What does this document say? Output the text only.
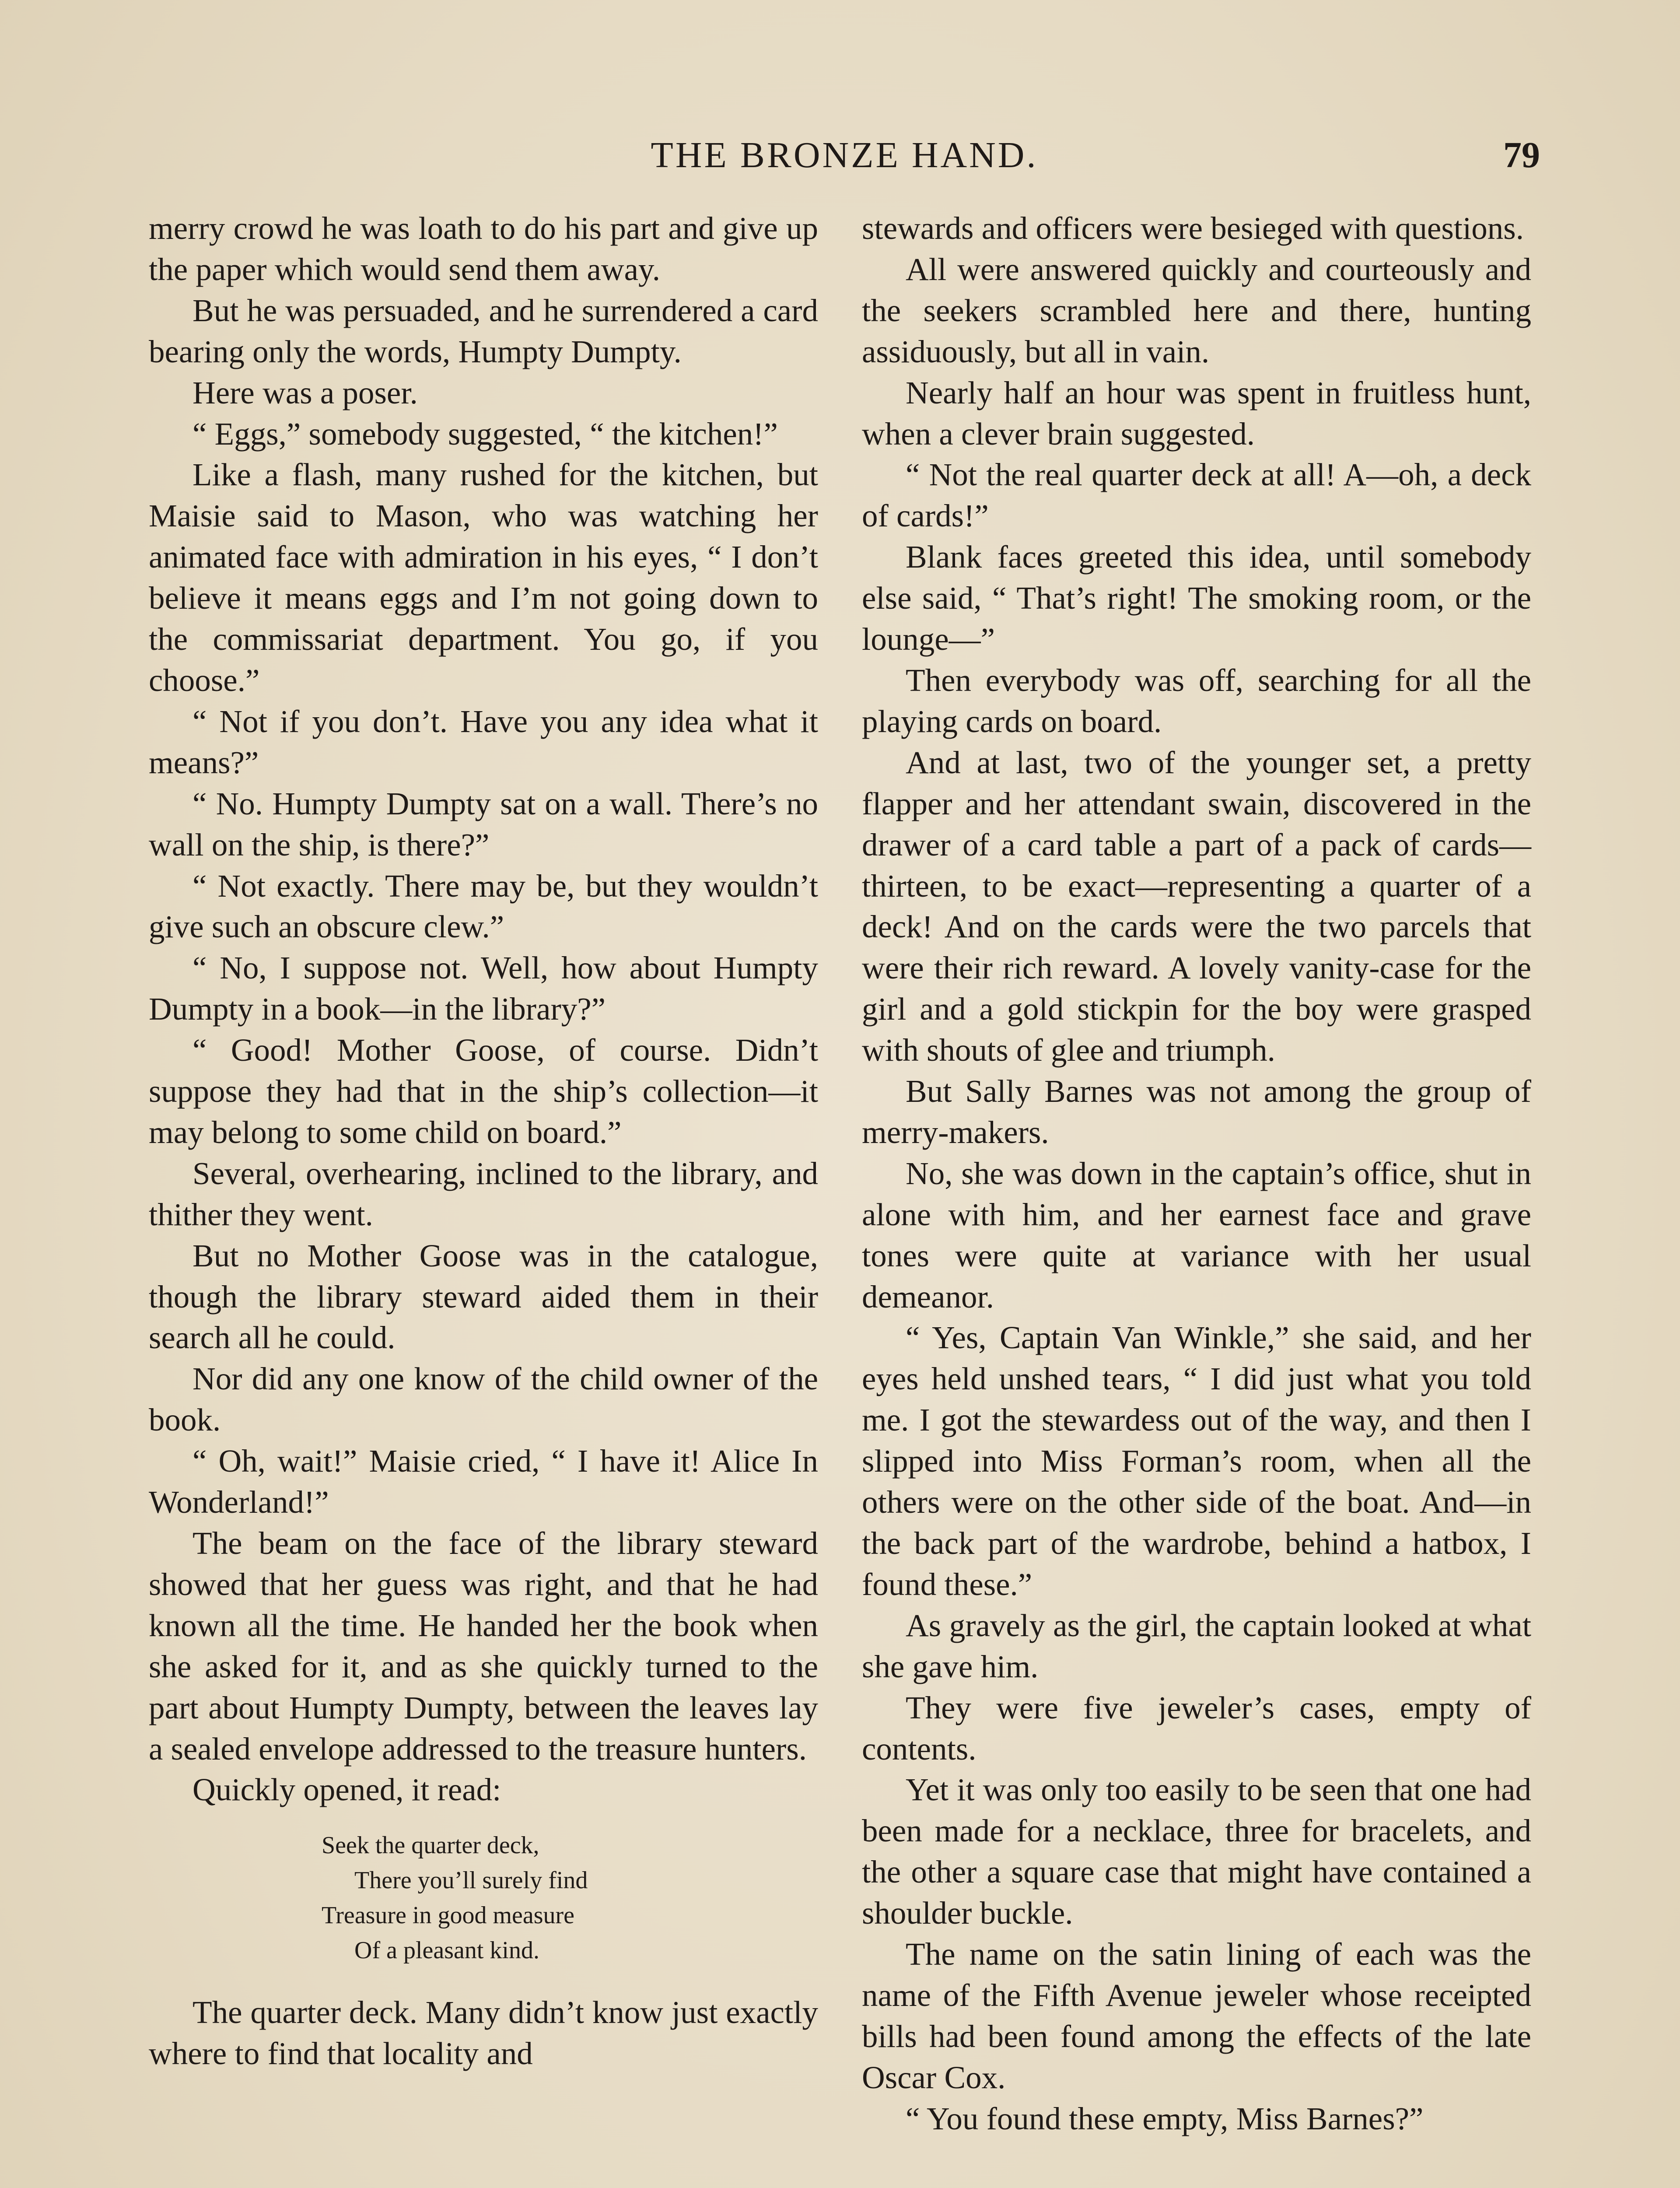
THE BRONZE HAND.	79

merry crowd he was loath to do his part and give up the paper which would send them away.

But he was persuaded, and he surrendered a card bearing only the words, Humpty Dumpty.

Here was a poser.

“ Eggs,” somebody suggested, “ the kitchen!”

Like a flash, many rushed for the kitchen, but Maisie said to Mason, who was watching her animated face with admiration in his eyes, “ I don’t believe it means eggs and I’m not going down to the commissariat department. You go, if you choose.”

“ Not if you don’t. Have you any idea what it means?”

“ No. Humpty Dumpty sat on a wall. There’s no wall on the ship, is there?”

“ Not exactly. There may be, but they wouldn’t give such an obscure clew.”

“ No, I suppose not. Well, how about Humpty Dumpty in a book—in the library?”

“ Good! Mother Goose, of course. Didn’t suppose they had that in the ship’s collection—it may belong to some child on board.”

Several, overhearing, inclined to the library, and thither they went.

But no Mother Goose was in the catalogue, though the library steward aided them in their search all he could.

Nor did any one know of the child owner of the book.

“ Oh, wait!” Maisie cried, “ I have it! Alice In Wonderland!”

The beam on the face of the library steward showed that her guess was right, and that he had known all the time. He handed her the book when she asked for it, and as she quickly turned to the part about Humpty Dumpty, between the leaves lay a sealed envelope addressed to the treasure hunters.

Quickly opened, it read:

Seek the quarter deck,
There you’ll surely find
Treasure in good measure
Of a pleasant kind.

The quarter deck. Many didn’t know just exactly where to find that locality and

stewards and officers were besieged with questions.

All were answered quickly and courteously and the seekers scrambled here and there, hunting assiduously, but all in vain.

Nearly half an hour was spent in fruitless hunt, when a clever brain suggested.

“ Not the real quarter deck at all! A—oh, a deck of cards!”

Blank faces greeted this idea, until somebody else said, “ That’s right! The smoking room, or the lounge—”

Then everybody was off, searching for all the playing cards on board.

And at last, two of the younger set, a pretty flapper and her attendant swain, discovered in the drawer of a card table a part of a pack of cards—thirteen, to be exact—representing a quarter of a deck! And on the cards were the two parcels that were their rich reward. A lovely vanity-case for the girl and a gold stickpin for the boy were grasped with shouts of glee and triumph.

But Sally Barnes was not among the group of merry-makers.

No, she was down in the captain’s office, shut in alone with him, and her earnest face and grave tones were quite at variance with her usual demeanor.

“ Yes, Captain Van Winkle,” she said, and her eyes held unshed tears, “ I did just what you told me. I got the stewardess out of the way, and then I slipped into Miss Forman’s room, when all the others were on the other side of the boat. And—in the back part of the wardrobe, behind a hatbox, I found these.”

As gravely as the girl, the captain looked at what she gave him.

They were five jeweler’s cases, empty of contents.

Yet it was only too easily to be seen that one had been made for a necklace, three for bracelets, and the other a square case that might have contained a shoulder buckle.

The name on the satin lining of each was the name of the Fifth Avenue jeweler whose receipted bills had been found among the effects of the late Oscar Cox.

“ You found these empty, Miss Barnes?”
